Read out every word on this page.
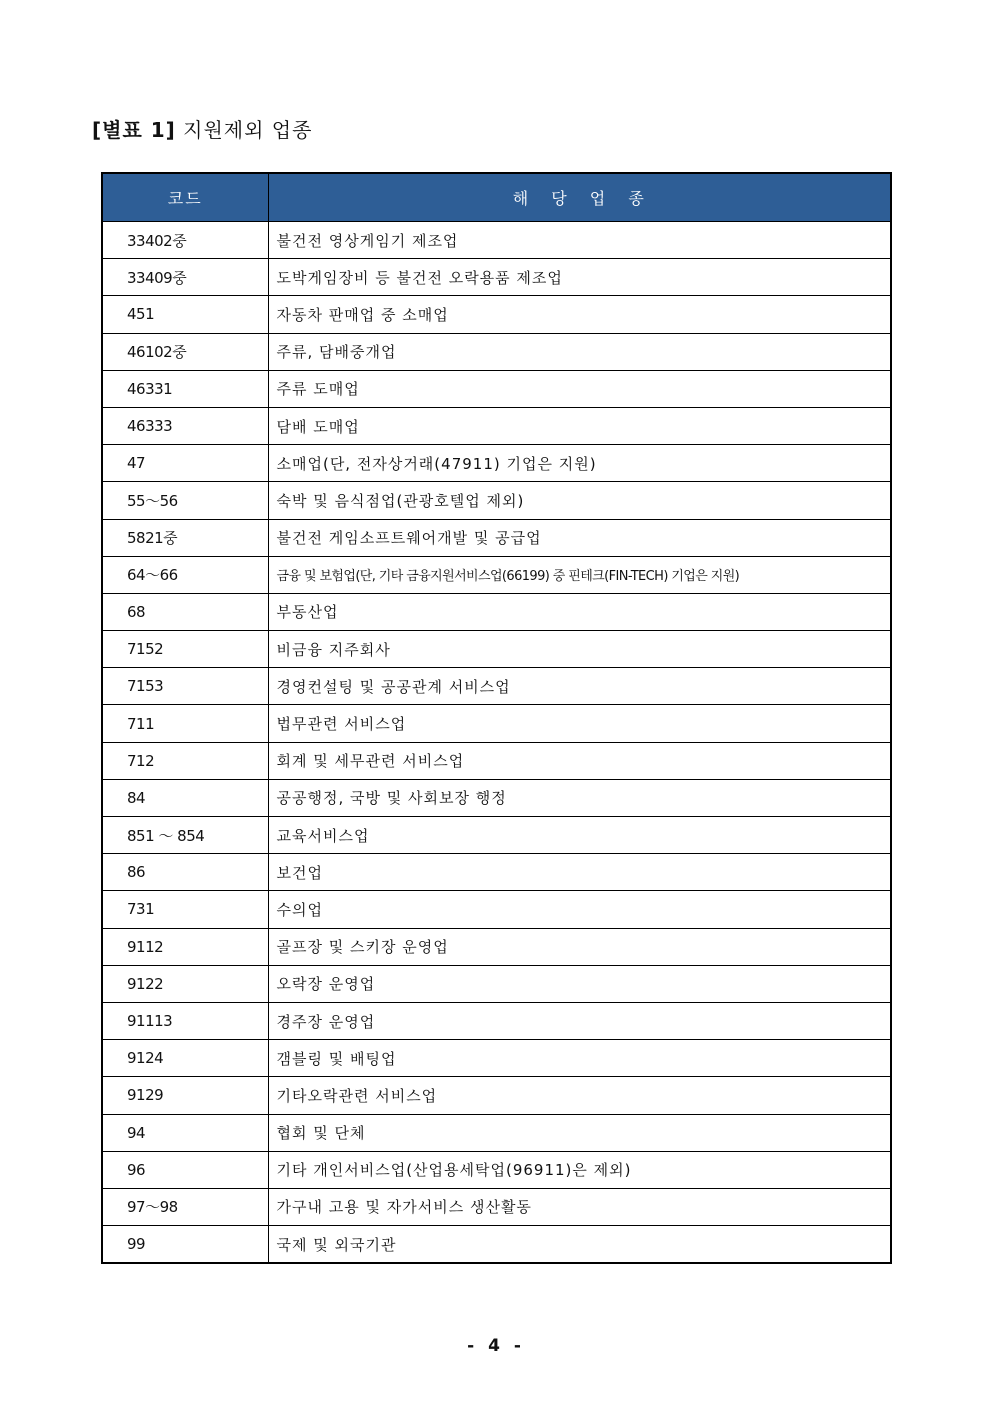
[별표 1] 지원제외 업종
코드	해 당 업 종
33402중	불건전 영상게임기 제조업
33409중	도박게임장비 등 불건전 오락용품 제조업
451	자동차 판매업 중 소매업
46102중	주류, 담배중개업
46331	주류 도매업
46333	담배 도매업
47	소매업(단, 전자상거래(47911) 기업은 지원)
55～56	숙박 및 음식점업(관광호텔업 제외)
5821중	불건전 게임소프트웨어개발 및 공급업
64～66	금융 및 보험업(단, 기타 금융지원서비스업(66199) 중 핀테크(FIN-TECH) 기업은 지원)
68	부동산업
7152	비금융 지주회사
7153	경영컨설팅 및 공공관계 서비스업
711	법무관련 서비스업
712	회계 및 세무관련 서비스업
84	공공행정, 국방 및 사회보장 행정
851 ～ 854	교육서비스업
86	보건업
731	수의업
9112	골프장 및 스키장 운영업
9122	오락장 운영업
91113	경주장 운영업
9124	갬블링 및 배팅업
9129	기타오락관련 서비스업
94	협회 및 단체
96	기타 개인서비스업(산업용세탁업(96911)은 제외)
97～98	가구내 고용 및 자가서비스 생산활동
99	국제 및 외국기관
- 4 -
